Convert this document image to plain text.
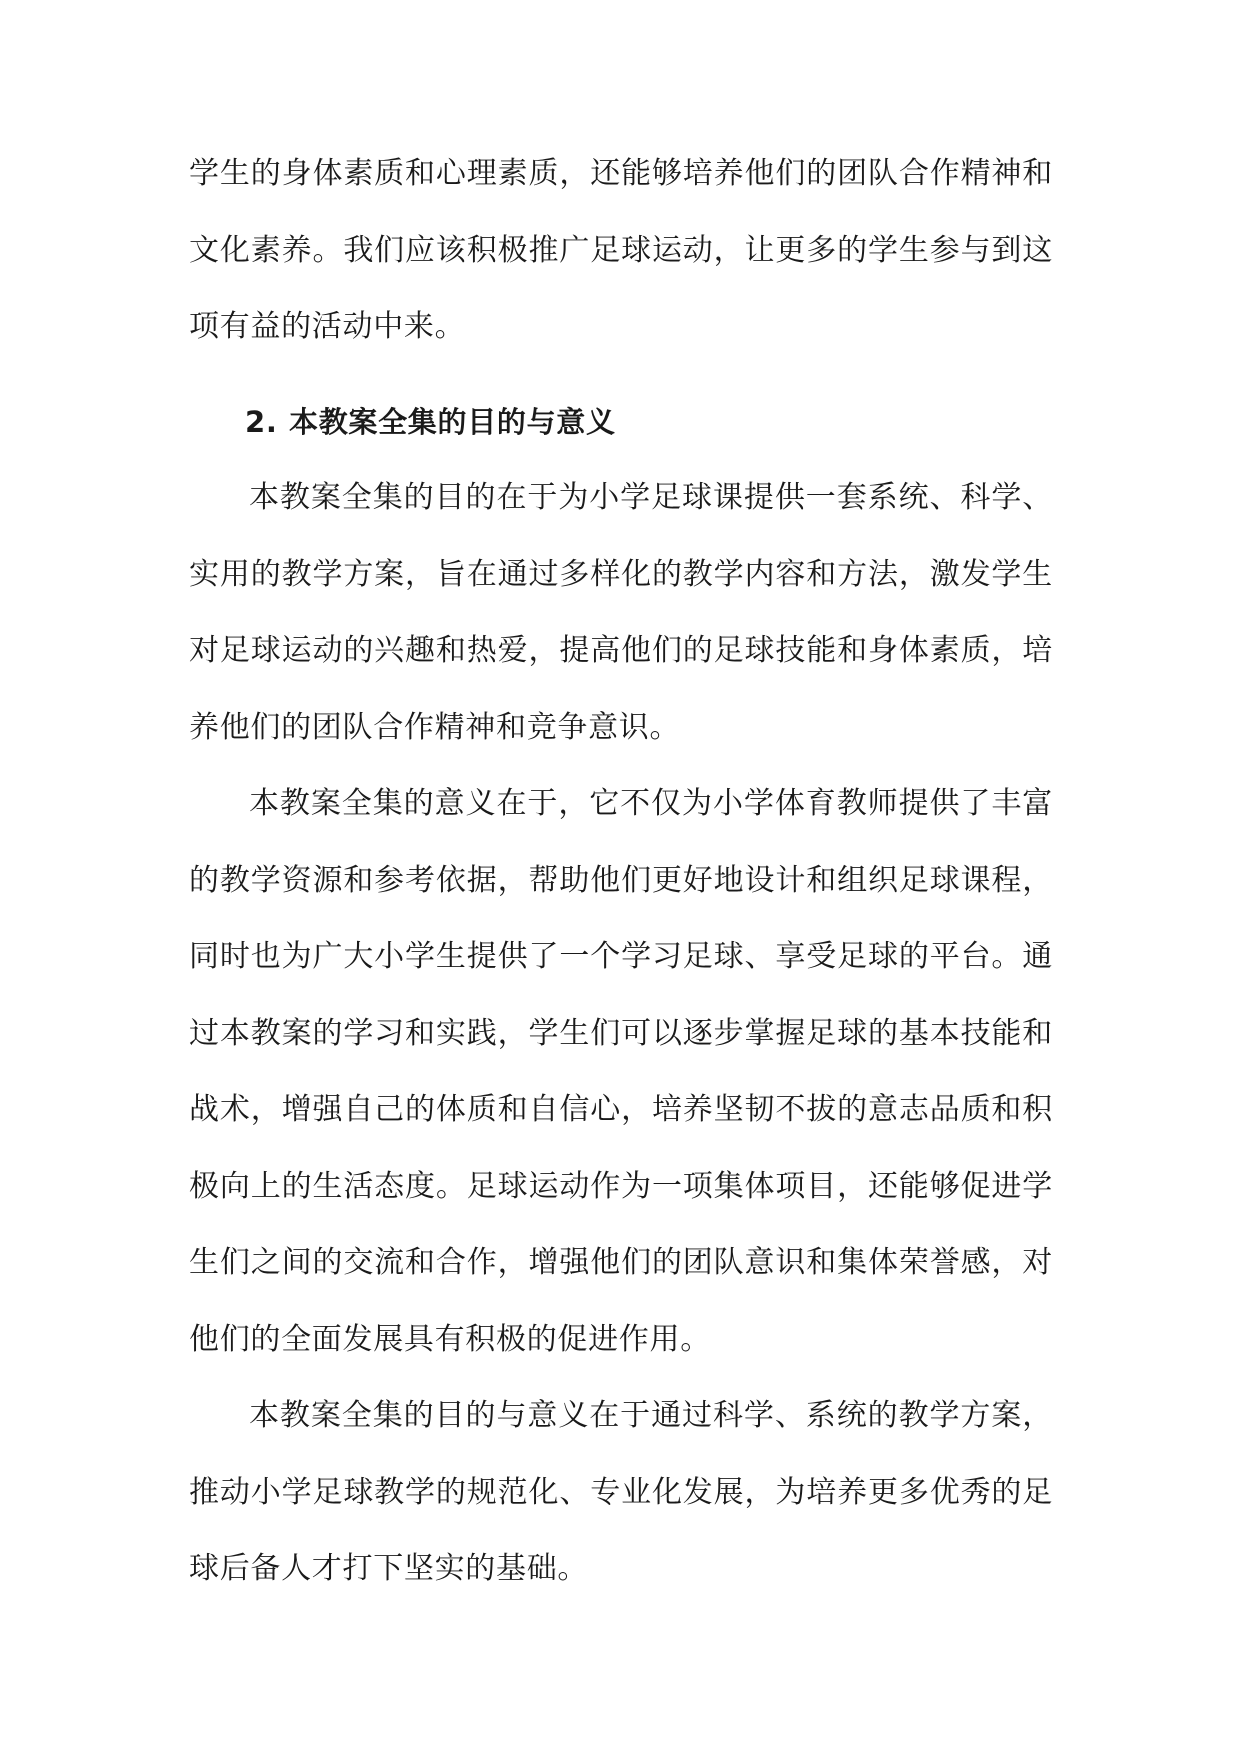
学生的身体素质和心理素质，还能够培养他们的团队合作精神和文化素养。我们应该积极推广足球运动，让更多的学生参与到这项有益的活动中来。

2. 本教案全集的目的与意义

本教案全集的目的在于为小学足球课提供一套系统、科学、实用的教学方案，旨在通过多样化的教学内容和方法，激发学生对足球运动的兴趣和热爱，提高他们的足球技能和身体素质，培养他们的团队合作精神和竞争意识。

本教案全集的意义在于，它不仅为小学体育教师提供了丰富的教学资源和参考依据，帮助他们更好地设计和组织足球课程，同时也为广大小学生提供了一个学习足球、享受足球的平台。通过本教案的学习和实践，学生们可以逐步掌握足球的基本技能和战术，增强自己的体质和自信心，培养坚韧不拔的意志品质和积极向上的生活态度。足球运动作为一项集体项目，还能够促进学生们之间的交流和合作，增强他们的团队意识和集体荣誉感，对他们的全面发展具有积极的促进作用。

本教案全集的目的与意义在于通过科学、系统的教学方案，推动小学足球教学的规范化、专业化发展，为培养更多优秀的足球后备人才打下坚实的基础。
